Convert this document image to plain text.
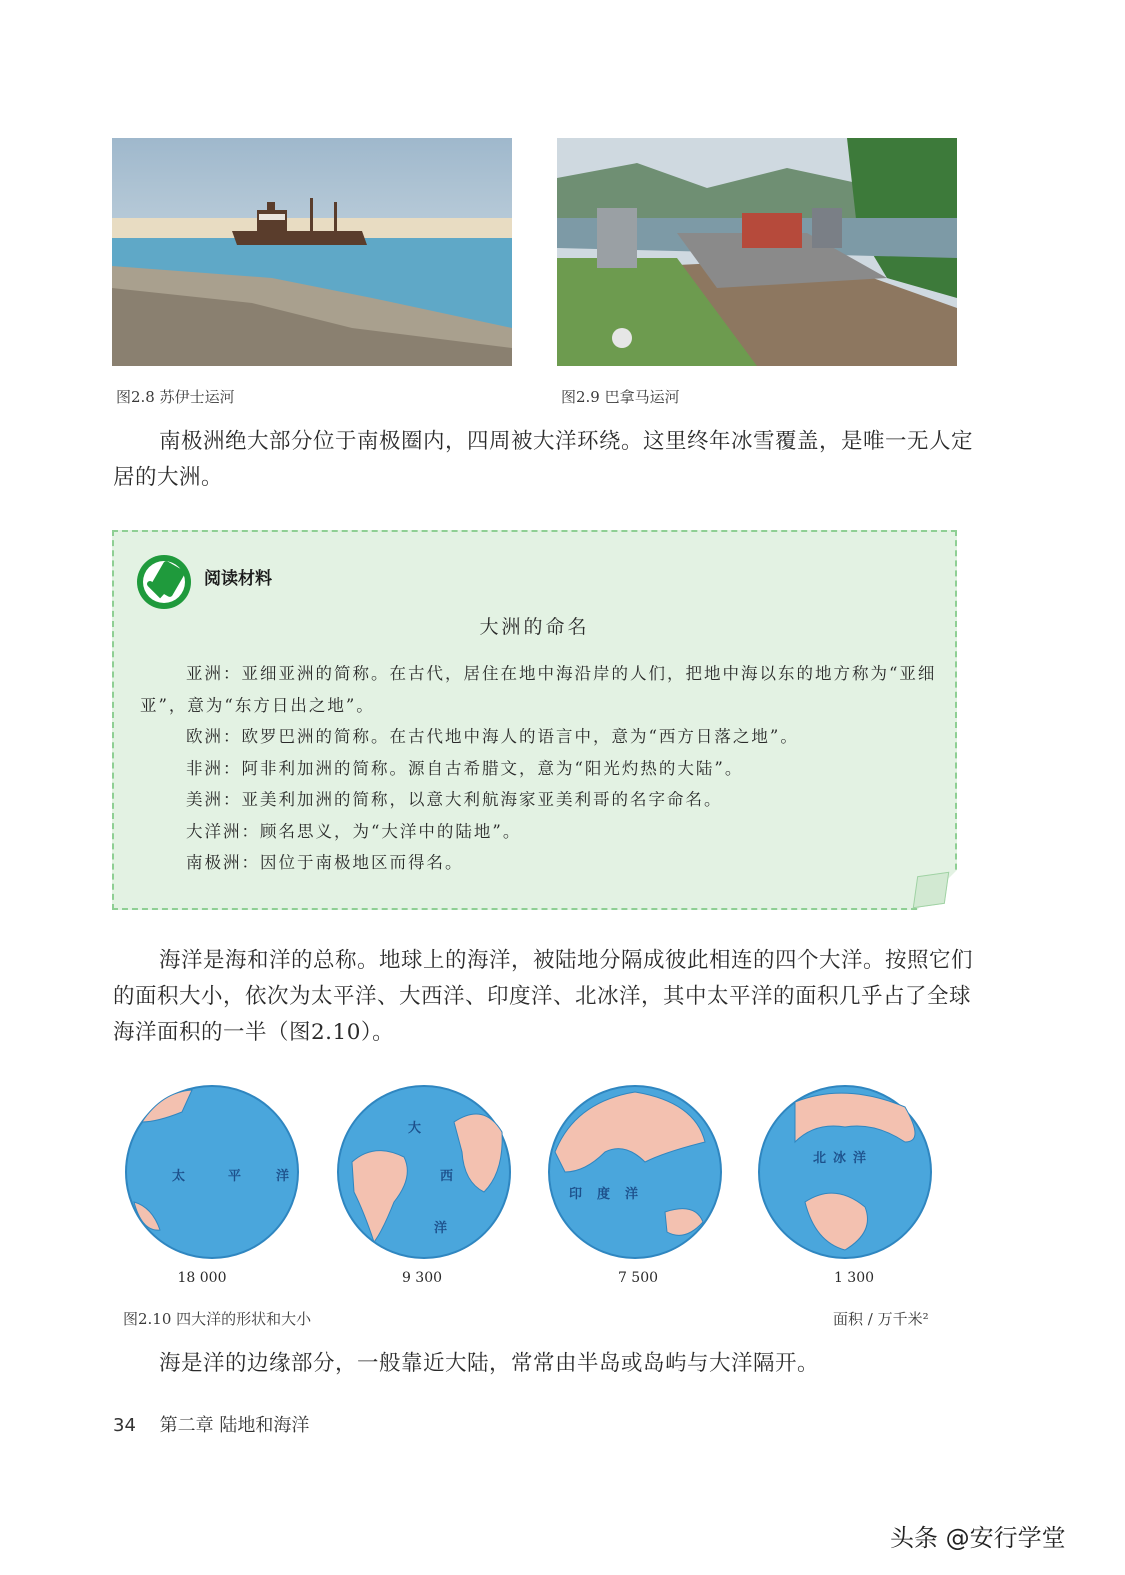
图2.8 苏伊士运河	图2.9 巴拿马运河

南极洲绝大部分位于南极圈内，四周被大洋环绕。这里终年冰雪覆盖，是唯一无人定居的大洲。

阅读材料
大洲的命名

亚洲：亚细亚洲的简称。在古代，居住在地中海沿岸的人们，把地中海以东的地方称为“亚细亚”，意为“东方日出之地”。

欧洲：欧罗巴洲的简称。在古代地中海人的语言中，意为“西方日落之地”。

非洲：阿非利加洲的简称。源自古希腊文，意为“阳光灼热的大陆”。

美洲：亚美利加洲的简称，以意大利航海家亚美利哥的名字命名。

大洋洲：顾名思义，为“大洋中的陆地”。

南极洲：因位于南极地区而得名。

海洋是海和洋的总称。地球上的海洋，被陆地分隔成彼此相连的四个大洋。按照它们的面积大小，依次为太平洋、大西洋、印度洋、北冰洋，其中太平洋的面积几乎占了全球海洋面积的一半（图2.10）。

太	平	洋
大
西
洋
印 度 洋
北 冰 洋
18 000	9 300	7 500	1 300
图2.10 四大洋的形状和大小	面积 / 万千米²

海是洋的边缘部分，一般靠近大陆，常常由半岛或岛屿与大洋隔开。

34 第二章 陆地和海洋
头条 @安行学堂
